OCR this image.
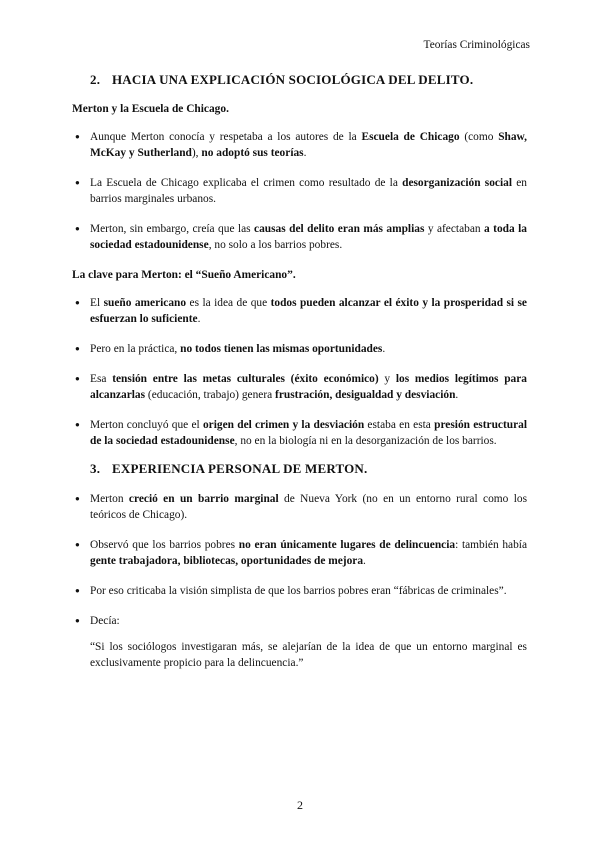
Teorías Criminológicas
2. HACIA UNA EXPLICACIÓN SOCIOLÓGICA DEL DELITO.
Merton y la Escuela de Chicago.
● Aunque Merton conocía y respetaba a los autores de la Escuela de Chicago (como Shaw, McKay y Sutherland), no adoptó sus teorías.
● La Escuela de Chicago explicaba el crimen como resultado de la desorganización social en barrios marginales urbanos.
● Merton, sin embargo, creía que las causas del delito eran más amplias y afectaban a toda la sociedad estadounidense, no solo a los barrios pobres.
La clave para Merton: el “Sueño Americano”.
● El sueño americano es la idea de que todos pueden alcanzar el éxito y la prosperidad si se esfuerzan lo suficiente.
● Pero en la práctica, no todos tienen las mismas oportunidades.
● Esa tensión entre las metas culturales (éxito económico) y los medios legítimos para alcanzarlas (educación, trabajo) genera frustración, desigualdad y desviación.
● Merton concluyó que el origen del crimen y la desviación estaba en esta presión estructural de la sociedad estadounidense, no en la biología ni en la desorganización de los barrios.
3. EXPERIENCIA PERSONAL DE MERTON.
● Merton creció en un barrio marginal de Nueva York (no en un entorno rural como los teóricos de Chicago).
● Observó que los barrios pobres no eran únicamente lugares de delincuencia: también había gente trabajadora, bibliotecas, oportunidades de mejora.
● Por eso criticaba la visión simplista de que los barrios pobres eran “fábricas de criminales”.
● Decía:
“Si los sociólogos investigaran más, se alejarían de la idea de que un entorno marginal es exclusivamente propicio para la delincuencia.”
2
